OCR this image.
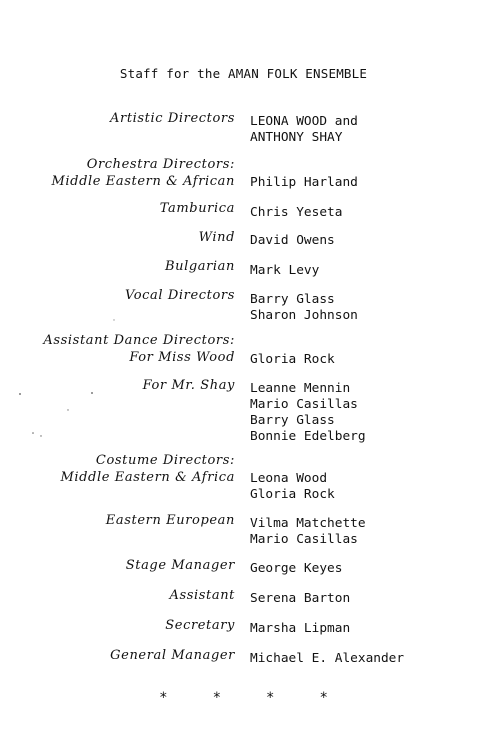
Staff for the AMAN FOLK ENSEMBLE
Artistic Directors LEONA WOOD and
ANTHONY SHAY
Orchestra Directors:
Middle Eastern & African Philip Harland
Tamburica Chris Yeseta
Wind David Owens
Bulgarian Mark Levy
Vocal Directors Barry Glass
Sharon Johnson
Assistant Dance Directors:
For Miss Wood Gloria Rock
For Mr. Shay Leanne Mennin
Mario Casillas
Barry Glass
Bonnie Edelberg
Costume Directors:
Middle Eastern & Africa Leona Wood
Gloria Rock
Eastern European Vilma Matchette
Mario Casillas
Stage Manager George Keyes
Assistant Serena Barton
Secretary Marsha Lipman
General Manager Michael E. Alexander
*	*	*	*
